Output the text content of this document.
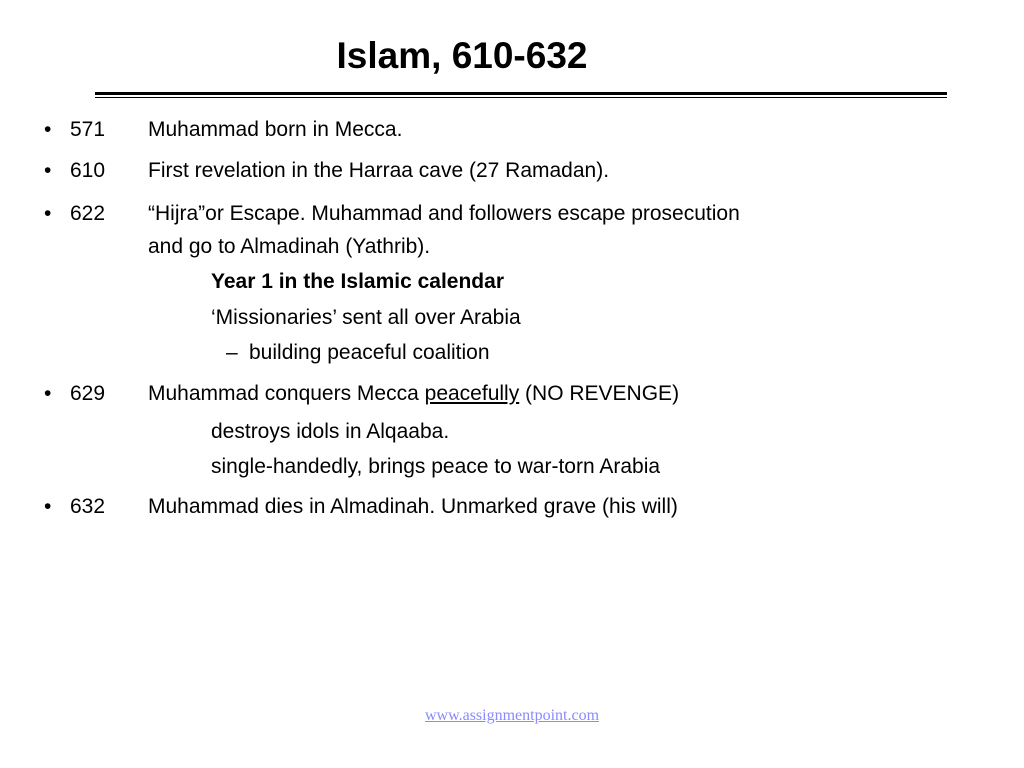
Islam, 610-632
• 571 Muhammad born in Mecca.
• 610 First revelation in the Harraa cave (27 Ramadan).
• 622 “Hijra”or Escape. Muhammad and followers escape prosecution
and go to Almadinah (Yathrib).
Year 1 in the Islamic calendar
‘Missionaries’ sent all over Arabia
– building peaceful coalition
• 629 Muhammad conquers Mecca peacefully (NO REVENGE)
destroys idols in Alqaaba.
single-handedly, brings peace to war-torn Arabia
• 632 Muhammad dies in Almadinah. Unmarked grave (his will)
www.assignmentpoint.com
